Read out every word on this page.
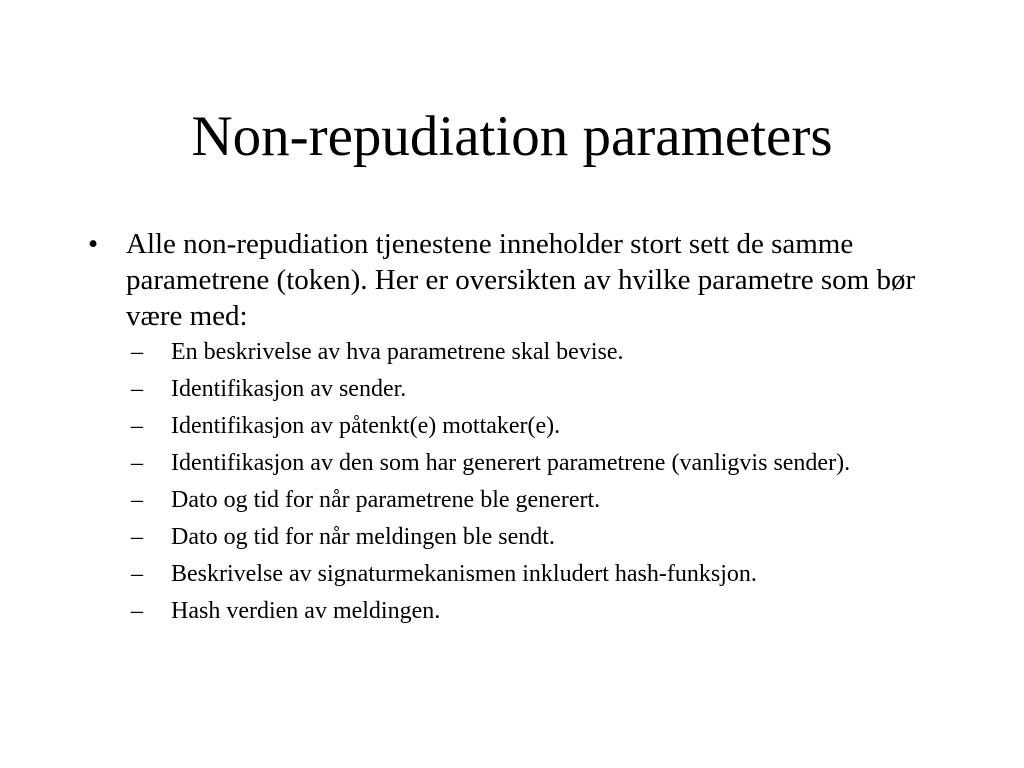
Non-repudiation parameters
• Alle non-repudiation tjenestene inneholder stort sett de samme parametrene (token). Her er oversikten av hvilke parametre som bør være med:
–	En beskrivelse av hva parametrene skal bevise.
–	Identifikasjon av sender.
–	Identifikasjon av påtenkt(e) mottaker(e).
–	Identifikasjon av den som har generert parametrene (vanligvis sender).
–	Dato og tid for når parametrene ble generert.
–	Dato og tid for når meldingen ble sendt.
–	Beskrivelse av signaturmekanismen inkludert hash-funksjon.
–	Hash verdien av meldingen.
